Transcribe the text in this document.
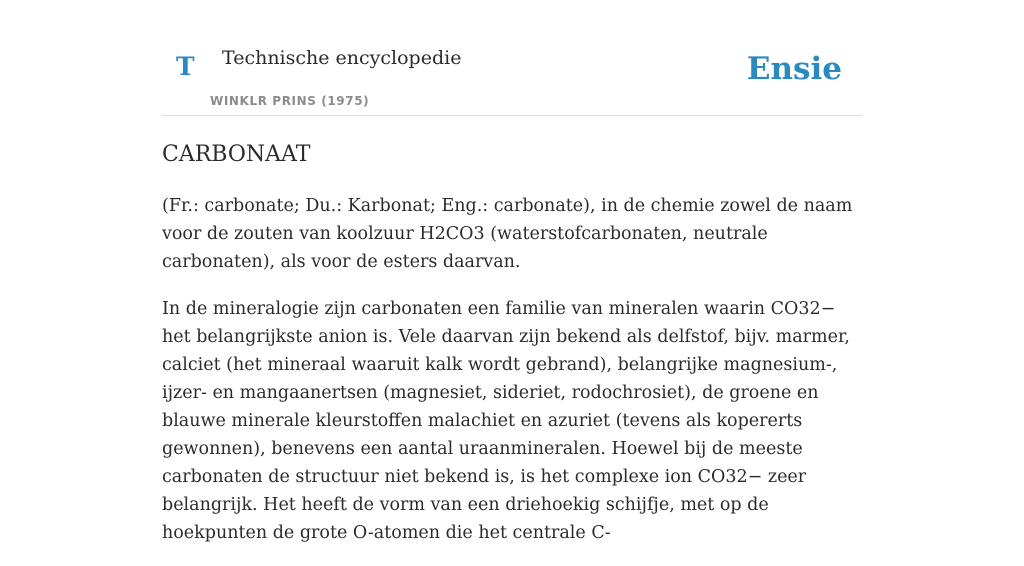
T Technische encyclopedie
WINKLR PRINS (1975)
Ensie
CARBONAAT

(Fr.: carbonate; Du.: Karbonat; Eng.: carbonate), in de chemie zowel de naam voor de zouten van koolzuur H2CO3 (waterstofcarbonaten, neutrale carbonaten), als voor de esters daarvan.

In de mineralogie zijn carbonaten een familie van mineralen waarin CO32− het belangrijkste anion is. Vele daarvan zijn bekend als delfstof, bijv. marmer, calciet (het mineraal waaruit kalk wordt gebrand), belangrijke magnesium-, ijzer- en mangaanertsen (magnesiet, sideriet, rodochrosiet), de groene en blauwe minerale kleurstoffen malachiet en azuriet (tevens als kopererts gewonnen), benevens een aantal uraanmineralen. Hoewel bij de meeste carbonaten de structuur niet bekend is, is het complexe ion CO32− zeer belangrijk. Het heeft de vorm van een driehoekig schijfje, met op de hoekpunten de grote O-atomen die het centrale C-
